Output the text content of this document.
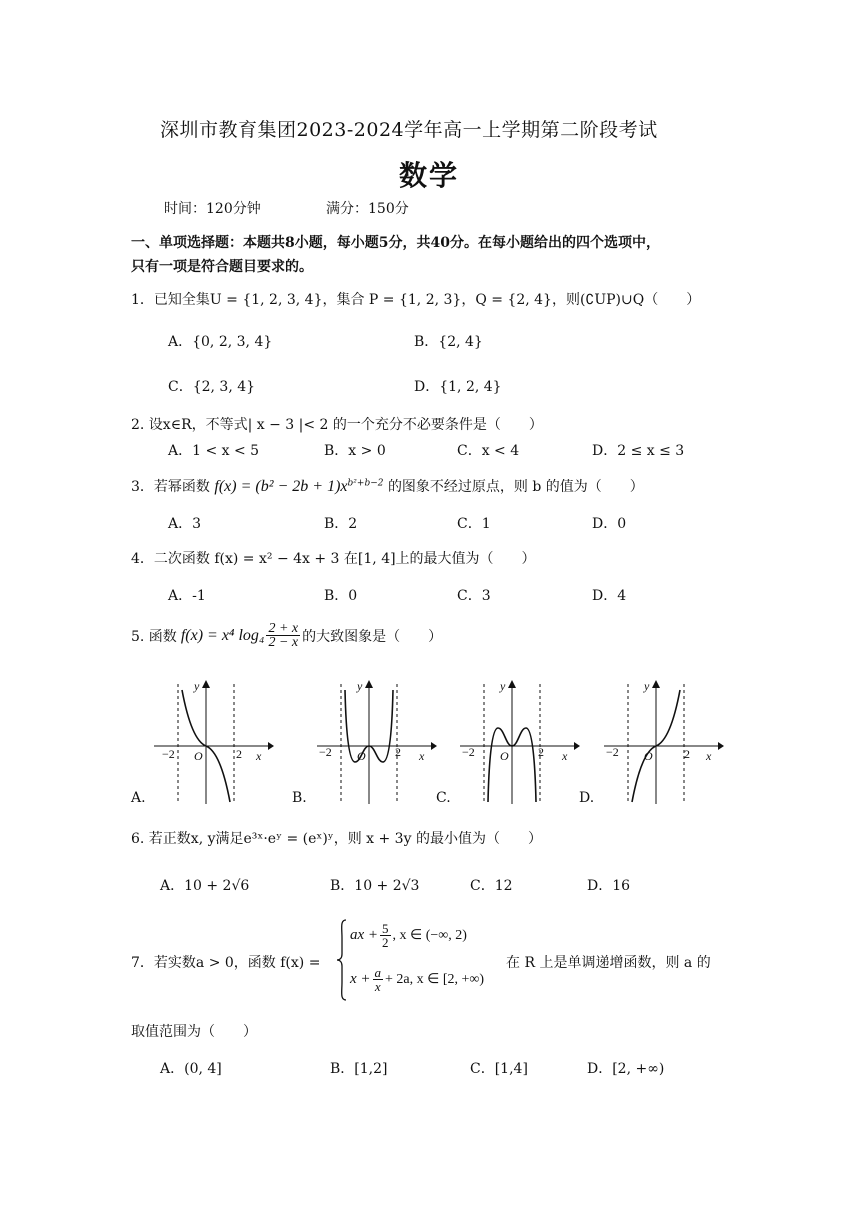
深圳市教育集团2023-2024学年高一上学期第二阶段考试
数学
时间：120分钟	满分：150分
一、单项选择题：本题共8小题，每小题5分，共40分。在每小题给出的四个选项中，
只有一项是符合题目要求的。
1．已知全集U = {1, 2, 3, 4}，集合 P = {1, 2, 3}，Q = {2, 4}，则(∁UP)∪Q（　　）
A．{0, 2, 3, 4}	B．{2, 4}
C．{2, 3, 4}	D．{1, 2, 4}
2. 设x∈R，不等式| x − 3 |< 2 的一个充分不必要条件是（　　）
A．1 < x < 5	B．x > 0	C．x < 4	D．2 ≤ x ≤ 3
3．若幂函数 $f(x) = (b^2 - 2b + 1)x^{b^2+b-2}$ 的图象不经过原点，则 b 的值为（　　）
A．3	B．2	C．1	D．0
4．二次函数 f(x) = x² − 4x + 3 在[1, 4]上的最大值为（　　）
A．-1	B．0	C．3	D．4
5. 函数 f(x) = x⁴ $\log_4 \frac{2 + x}{2 - x}$ 的大致图象是（　　）
−2	2
O	x
y
A.
−2	2
O	x
y
B.
−2	2
O	x
y
C.
−2	2
O	x
y
D.
6. 若正数x, y满足e³ˣ·eʸ = (eˣ)ʸ，则 x + 3y 的最小值为（　　）
A．10 + 2√6	B．10 + 2√3	C．12	D．16
7．若实数a > 0，函数 f(x) =
ax + $\frac{5}{2}$ , x ∈ (−∞, 2)
$x + \frac{a}{x} + 2a$, x ∈ [2, +∞)
在 R 上是单调递增函数，则 a 的
取值范围为（　　）
A．(0, 4]	B．[1,2]	C．[1,4]	D．[2, +∞)
